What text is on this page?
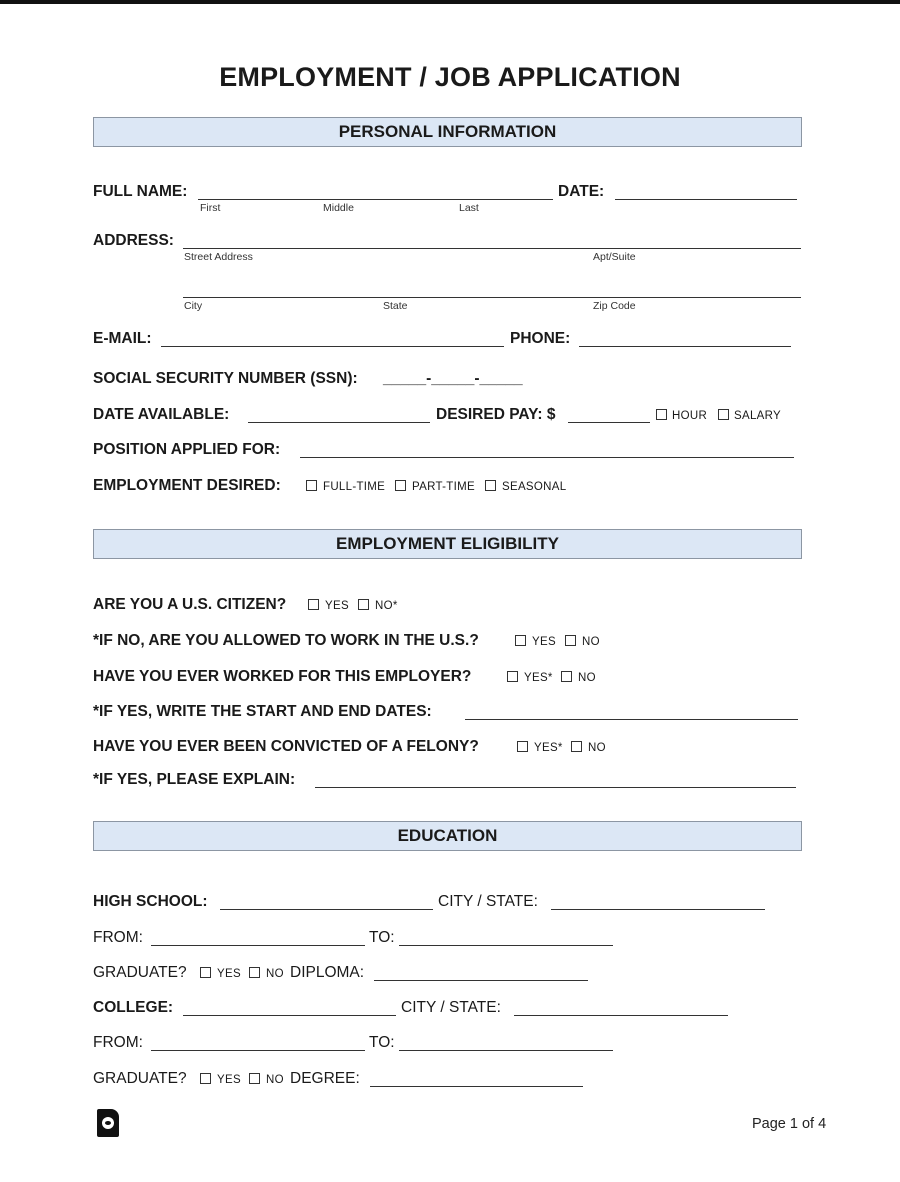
EMPLOYMENT / JOB APPLICATION
PERSONAL INFORMATION
FULL NAME:	DATE:
First	Middle	Last
ADDRESS:
Street Address	Apt/Suite
City	State	Zip Code
E-MAIL:	PHONE:
SOCIAL SECURITY NUMBER (SSN): _____-_____-_____
DATE AVAILABLE:	DESIRED PAY: $	HOUR SALARY
POSITION APPLIED FOR:
EMPLOYMENT DESIRED:	FULL-TIME PART-TIME SEASONAL
EMPLOYMENT ELIGIBILITY
ARE YOU A U.S. CITIZEN?	YES NO*
*IF NO, ARE YOU ALLOWED TO WORK IN THE U.S.?	YES NO
HAVE YOU EVER WORKED FOR THIS EMPLOYER?	YES* NO
*IF YES, WRITE THE START AND END DATES:
HAVE YOU EVER BEEN CONVICTED OF A FELONY?	YES* NO
*IF YES, PLEASE EXPLAIN:
EDUCATION
HIGH SCHOOL:	CITY / STATE:
FROM:	TO:
GRADUATE?	YES NO DIPLOMA:
COLLEGE:	CITY / STATE:
FROM:	TO:
GRADUATE?	YES NO DEGREE:
Page 1 of 4
